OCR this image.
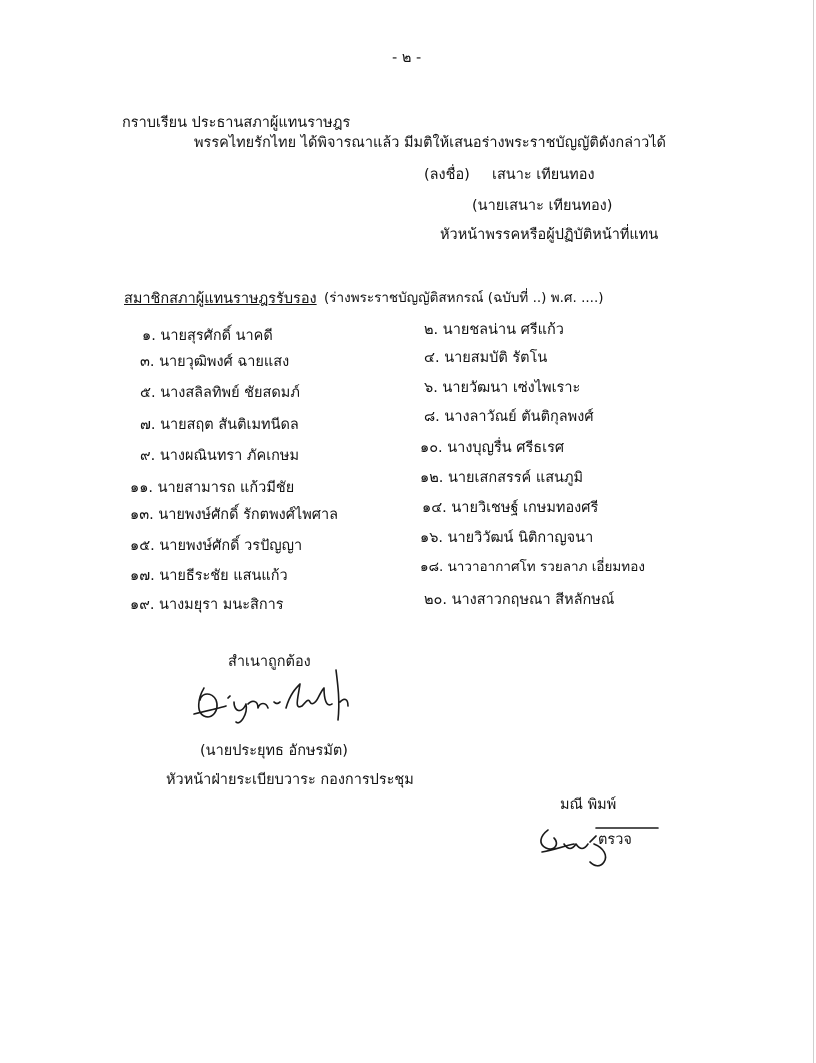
- ๒ -
กราบเรียน ประธานสภาผู้แทนราษฎร
พรรคไทยรักไทย ได้พิจารณาแล้ว มีมติให้เสนอร่างพระราชบัญญัติดังกล่าวได้
(ลงชื่อ) เสนาะ เทียนทอง
(นายเสนาะ เทียนทอง)
หัวหน้าพรรคหรือผู้ปฏิบัติหน้าที่แทน
สมาชิกสภาผู้แทนราษฎรรับรอง (ร่างพระราชบัญญัติสหกรณ์ (ฉบับที่ ..) พ.ศ. ....)
๑. นายสุรศักดิ์ นาคดี
๓. นายวุฒิพงศ์ ฉายแสง
๕. นางสลิลทิพย์ ชัยสดมภ์
๗. นายสฤต สันติเมทนีดล
๙. นางผณินทรา ภัคเกษม
๑๑. นายสามารถ แก้วมีชัย
๑๓. นายพงษ์ศักดิ์ รักตพงศ์ไพศาล
๑๕. นายพงษ์ศักดิ์ วรปัญญา
๑๗. นายธีระชัย แสนแก้ว
๑๙. นางมยุรา มนะสิการ
๒. นายชลน่าน ศรีแก้ว
๔. นายสมบัติ รัตโน
๖. นายวัฒนา เซ่งไพเราะ
๘. นางลาวัณย์ ตันติกุลพงศ์
๑๐. นางบุญรื่น ศรีธเรศ
๑๒. นายเสกสรรค์ แสนภูมิ
๑๔. นายวิเชษฐ์ เกษมทองศรี
๑๖. นายวิวัฒน์ นิติกาญจนา
๑๘. นาวาอากาศโท รวยลาภ เอี่ยมทอง
๒๐. นางสาวกฤษณา สีหลักษณ์
สำเนาถูกต้อง
(นายประยุทธ อักษรมัต)
หัวหน้าฝ่ายระเบียบวาระ กองการประชุม
มณี พิมพ์
ตรวจ
